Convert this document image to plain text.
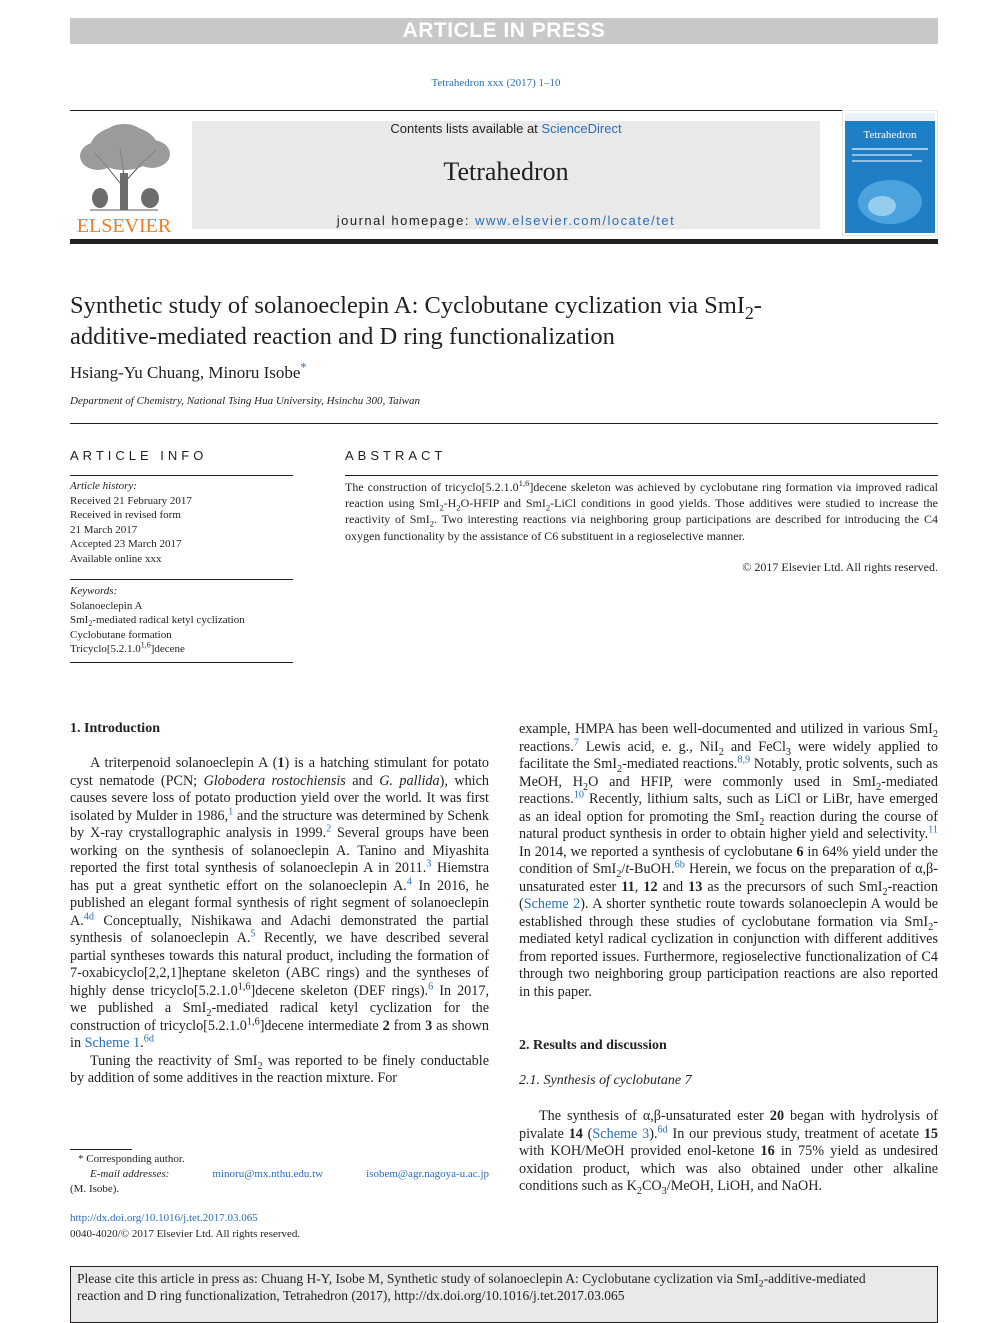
ARTICLE IN PRESS
Tetrahedron xxx (2017) 1–10
ELSEVIER
Contents lists available at ScienceDirect
Tetrahedron
journal homepage: www.elsevier.com/locate/tet
Tetrahedron
Synthetic study of solanoeclepin A: Cyclobutane cyclization via SmI$_2$-
additive-mediated reaction and D ring functionalization
Hsiang-Yu Chuang, Minoru Isobe*
Department of Chemistry, National Tsing Hua University, Hsinchu 300, Taiwan
ARTICLE INFO	ABSTRACT
Article history:
Received 21 February 2017
Received in revised form
21 March 2017
Accepted 23 March 2017
Available online xxx
Keywords:
Solanoeclepin A
SmI$_2$-mediated radical ketyl cyclization
Cyclobutane formation
Tricyclo[5.2.1.0$^{1,6}$]decene
The construction of tricyclo[5.2.1.0$^{1,6}$]decene skeleton was achieved by cyclobutane ring formation via improved radical reaction using $SmI_2-H_2O$-HFIP and SmI$_2$-LiCl conditions in good yields. Those additives were studied to increase the reactivity of SmI$_2$. Two interesting reactions via neighboring group participations are described for introducing the C4 oxygen functionality by the assistance of C6 substituent in a regioselective manner.
© 2017 Elsevier Ltd. All rights reserved.
1. Introduction

A triterpenoid solanoeclepin A (1) is a hatching stimulant for potato cyst nematode (PCN; Globodera rostochiensis and G. pallida), which causes severe loss of potato production yield over the world. It was first isolated by Mulder in 1986,$^1$ and the structure was determined by Schenk by X-ray crystallographic analysis in 1999.$^2$ Several groups have been working on the synthesis of solanoeclepin A. Tanino and Miyashita reported the first total synthesis of solanoeclepin A in 2011.$^3$ Hiemstra has put a great synthetic effort on the solanoeclepin A.$^4$ In 2016, he published an elegant formal synthesis of right segment of solanoeclepin A.$^{4d}$ Conceptually, Nishikawa and Adachi demonstrated the partial synthesis of solanoeclepin A.$^5$ Recently, we have described several partial syntheses towards this natural product, including the formation of 7-oxabicyclo[2,2,1]heptane skeleton (ABC rings) and the syntheses of highly dense tricyclo[5.2.1.0$^{1,6}$]decene skeleton (DEF rings).$^6$ In 2017, we published a SmI$_2$-mediated radical ketyl cyclization for the construction of tricyclo[5.2.1.0$^{1,6}$]decene intermediate 2 from 3 as shown in Scheme 1.$^{6d}$

Tuning the reactivity of SmI$_2$ was reported to be finely conductable by addition of some additives in the reaction mixture. For

example, HMPA has been well-documented and utilized in various SmI$_2$ reactions.$^7$ Lewis acid, e. g., NiI$_2$ and FeCl$_3$ were widely applied to facilitate the SmI$_2$-mediated reactions.$^{8,9}$ Notably, protic solvents, such as MeOH, $H_2O$ and HFIP, were commonly used in SmI$_2$-mediated reactions.$^{10}$ Recently, lithium salts, such as LiCl or LiBr, have emerged as an ideal option for promoting the SmI$_2$ reaction during the course of natural product synthesis in order to obtain higher yield and selectivity.$^{11}$ In 2014, we reported a synthesis of cyclobutane 6 in 64% yield under the condition of SmI$_2$/t-BuOH.$^{6b}$ Herein, we focus on the preparation of α,β-unsaturated ester 11, 12 and 13 as the precursors of such SmI$_2$-reaction (Scheme 2). A shorter synthetic route towards solanoeclepin A would be established through these studies of cyclobutane formation via SmI$_2$-mediated ketyl radical cyclization in conjunction with different additives from reported issues. Furthermore, regioselective functionalization of C4 through two neighboring group participation reactions are also reported in this paper.
2. Results and discussion
2.1. Synthesis of cyclobutane 7

The synthesis of α,β-unsaturated ester 20 began with hydrolysis of pivalate 14 (Scheme 3).$^{6d}$ In our previous study, treatment of acetate 15 with KOH/MeOH provided enol-ketone 16 in 75% yield as undesired oxidation product, which was also obtained under other alkaline conditions such as $K_2CO_3$/MeOH, LiOH, and NaOH.

* Corresponding author.
E-mail addresses:	minoru@mx.nthu.edu.tw	isobem@agr.nagoya-u.ac.jp
(M. Isobe).
http://dx.doi.org/10.1016/j.tet.2017.03.065
0040-4020/© 2017 Elsevier Ltd. All rights reserved.
Please cite this article in press as: Chuang H-Y, Isobe M, Synthetic study of solanoeclepin A: Cyclobutane cyclization via SmI$_2$-additive-mediated
reaction and D ring functionalization, Tetrahedron (2017), http://dx.doi.org/10.1016/j.tet.2017.03.065
